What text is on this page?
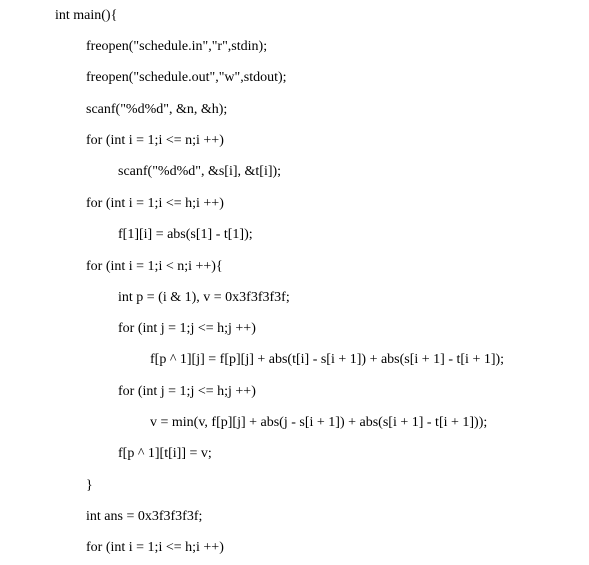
int main(){
freopen("schedule.in","r",stdin);
freopen("schedule.out","w",stdout);
scanf("%d%d", &n, &h);
for (int i = 1;i <= n;i ++)
scanf("%d%d", &s[i], &t[i]);
for (int i = 1;i <= h;i ++)
f[1][i] = abs(s[1] - t[1]);
for (int i = 1;i < n;i ++){
int p = (i & 1), v = 0x3f3f3f3f;
for (int j = 1;j <= h;j ++)
f[p ^ 1][j] = f[p][j] + abs(t[i] - s[i + 1]) + abs(s[i + 1] - t[i + 1]);
for (int j = 1;j <= h;j ++)
v = min(v, f[p][j] + abs(j - s[i + 1]) + abs(s[i + 1] - t[i + 1]));
f[p ^ 1][t[i]] = v;
}
int ans = 0x3f3f3f3f;
for (int i = 1;i <= h;i ++)
